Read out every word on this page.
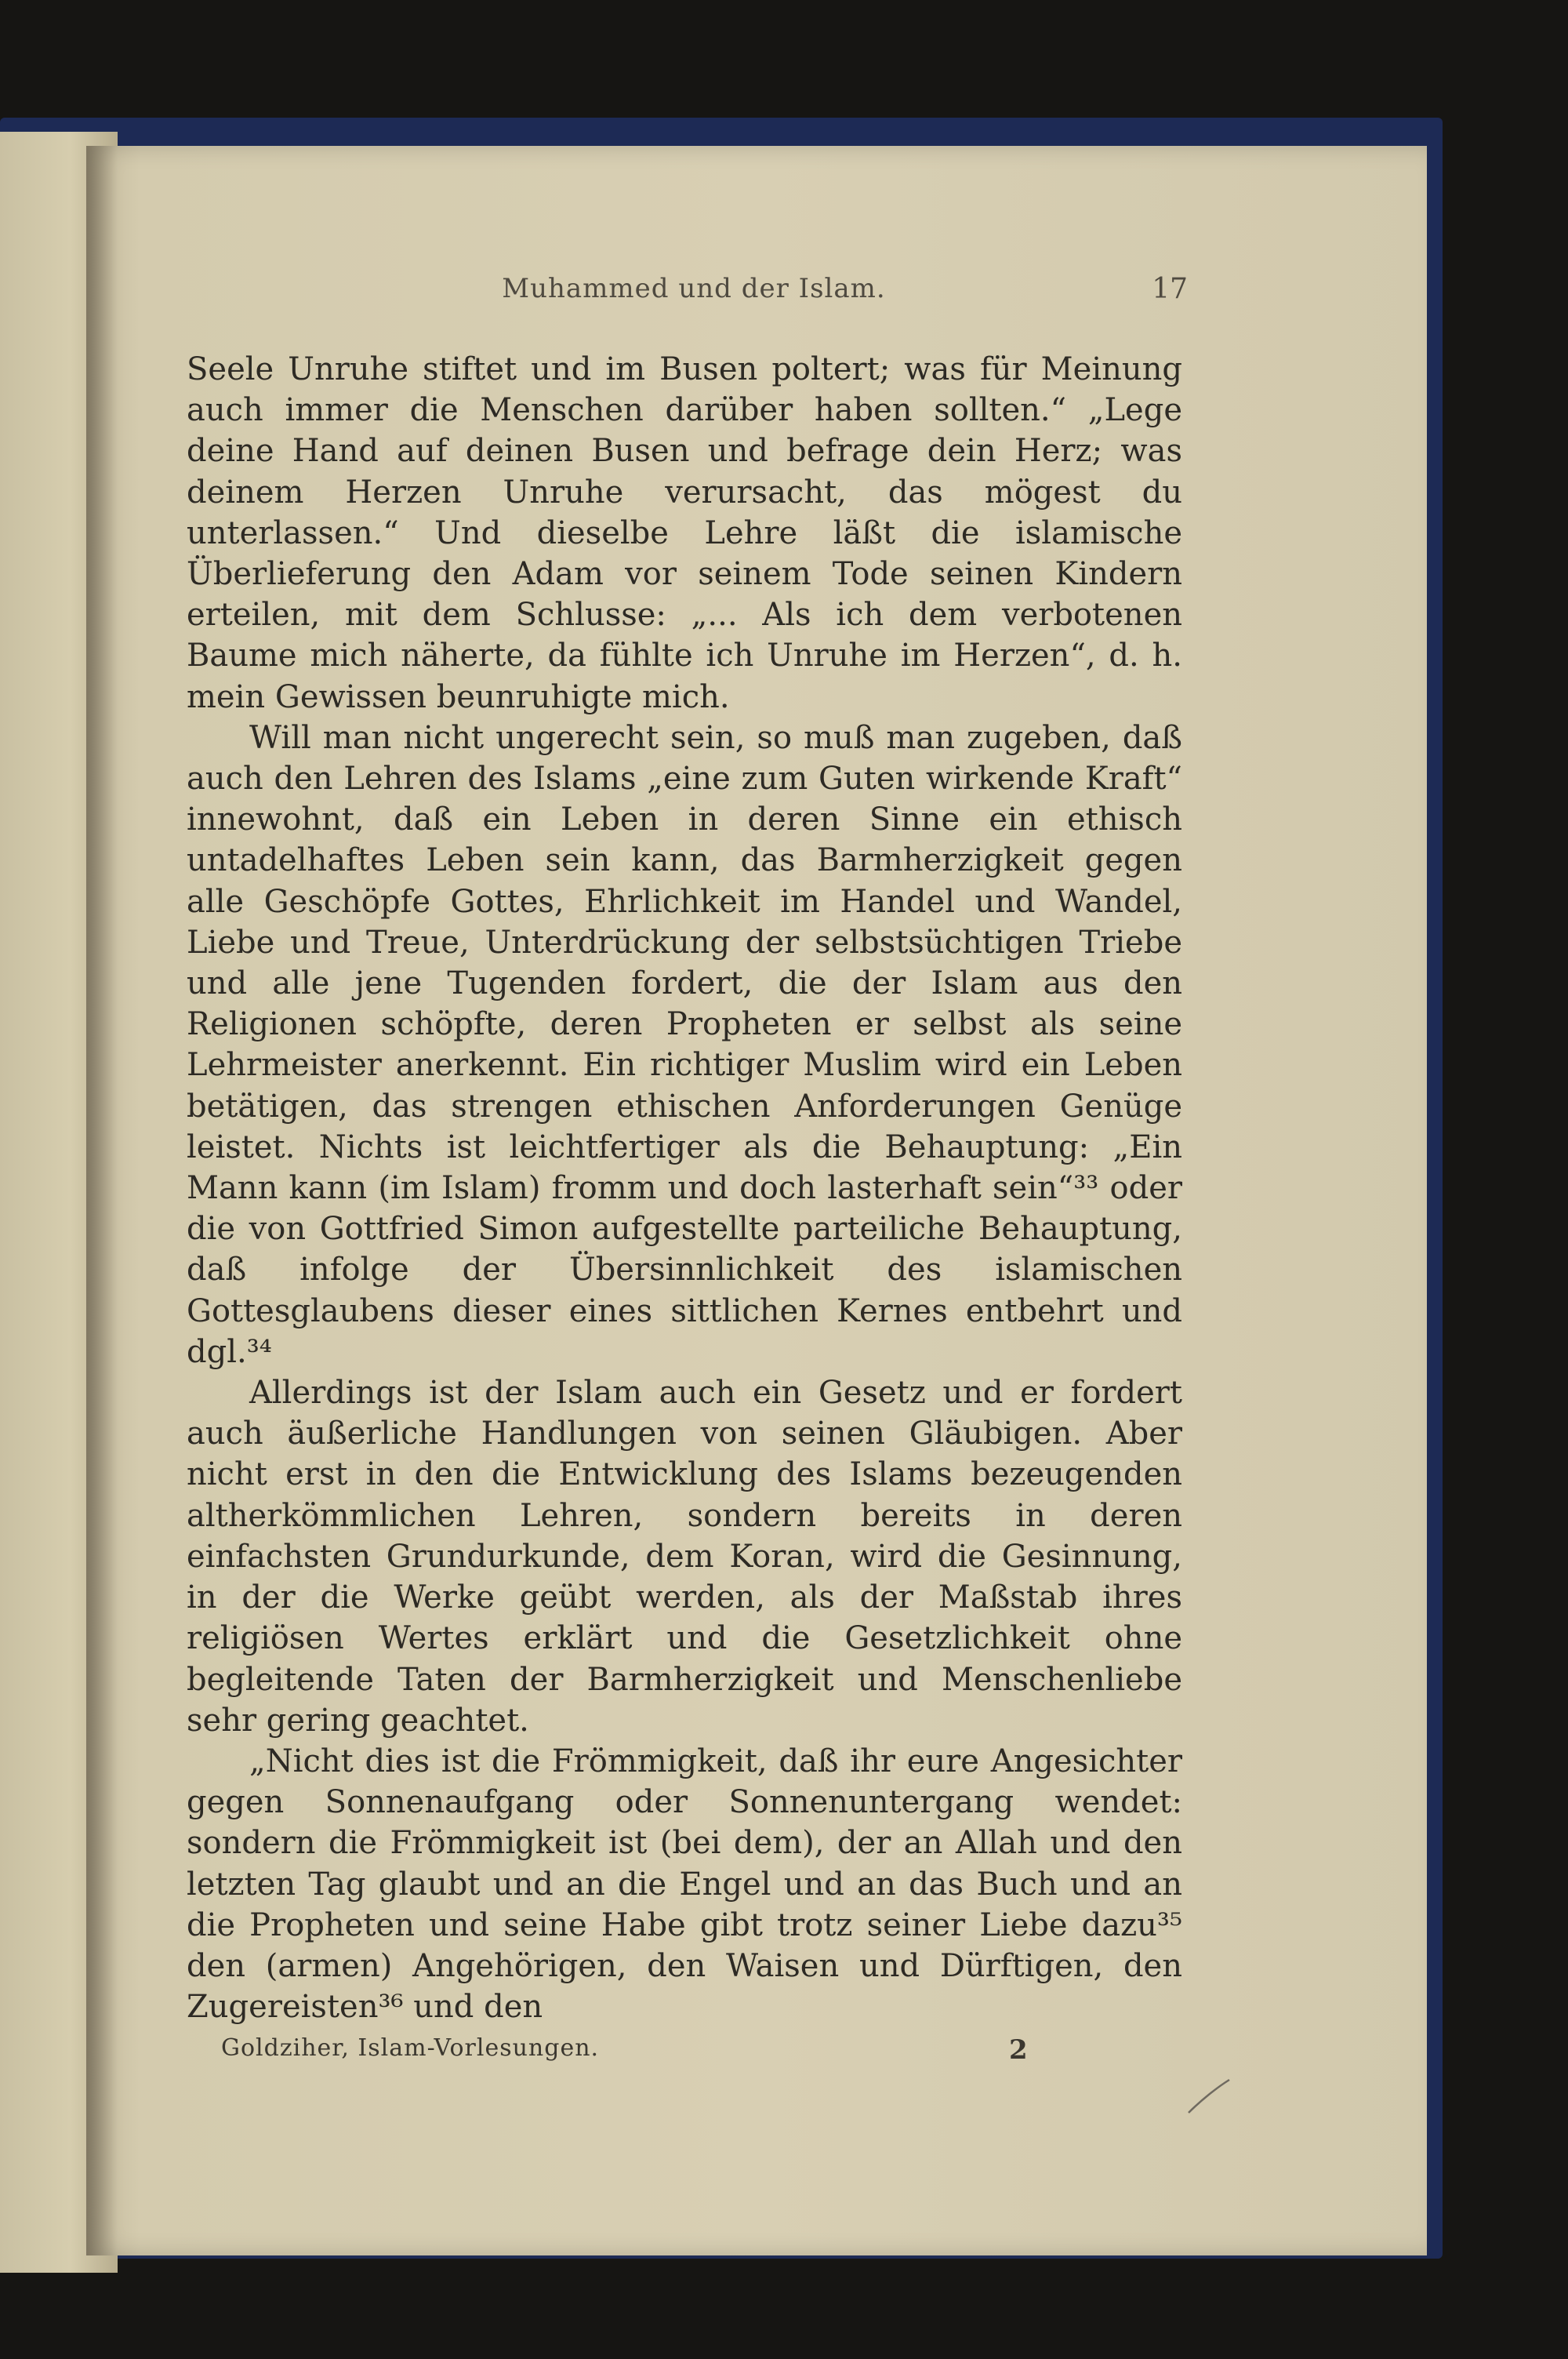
Muhammed und der Islam.	17

Seele Unruhe stiftet und im Busen poltert; was für Meinung auch immer die Menschen darüber haben sollten.“ „Lege deine Hand auf deinen Busen und befrage dein Herz; was deinem Herzen Unruhe verursacht, das mögest du unterlassen.“ Und dieselbe Lehre läßt die islamische Überlieferung den Adam vor seinem Tode seinen Kindern erteilen, mit dem Schlusse: „... Als ich dem verbotenen Baume mich näherte, da fühlte ich Unruhe im Herzen“, d. h. mein Gewissen beunruhigte mich.

Will man nicht ungerecht sein, so muß man zugeben, daß auch den Lehren des Islams „eine zum Guten wirkende Kraft“ innewohnt, daß ein Leben in deren Sinne ein ethisch untadelhaftes Leben sein kann, das Barmherzigkeit gegen alle Geschöpfe Gottes, Ehrlichkeit im Handel und Wandel, Liebe und Treue, Unterdrückung der selbstsüchtigen Triebe und alle jene Tugenden fordert, die der Islam aus den Religionen schöpfte, deren Propheten er selbst als seine Lehrmeister anerkennt. Ein richtiger Muslim wird ein Leben betätigen, das strengen ethischen Anforderungen Genüge leistet. Nichts ist leichtfertiger als die Behauptung: „Ein Mann kann (im Islam) fromm und doch lasterhaft sein“³³ oder die von Gottfried Simon aufgestellte parteiliche Behauptung, daß infolge der Übersinnlichkeit des islamischen Gottesglaubens dieser eines sittlichen Kernes entbehrt und dgl.³⁴

Allerdings ist der Islam auch ein Gesetz und er fordert auch äußerliche Handlungen von seinen Gläubigen. Aber nicht erst in den die Entwicklung des Islams bezeugenden altherkömmlichen Lehren, sondern bereits in deren einfachsten Grundurkunde, dem Koran, wird die Gesinnung, in der die Werke geübt werden, als der Maßstab ihres religiösen Wertes erklärt und die Gesetzlichkeit ohne begleitende Taten der Barmherzigkeit und Menschenliebe sehr gering geachtet.

„Nicht dies ist die Frömmigkeit, daß ihr eure Angesichter gegen Sonnenaufgang oder Sonnenuntergang wendet: sondern die Frömmigkeit ist (bei dem), der an Allah und den letzten Tag glaubt und an die Engel und an das Buch und an die Propheten und seine Habe gibt trotz seiner Liebe dazu³⁵ den (armen) Angehörigen, den Waisen und Dürftigen, den Zugereisten³⁶ und den

Goldziher, Islam-Vorlesungen.	2
